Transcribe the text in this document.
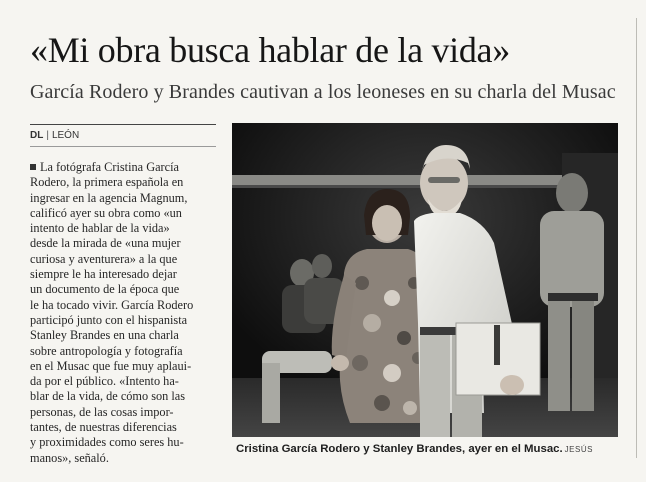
«Mi obra busca hablar de la vida»
García Rodero y Brandes cautivan a los leoneses en su charla del Musac
DL | LEÓN
La fotógrafa Cristina García
Rodero, la primera española en
ingresar en la agencia Magnum,
calificó ayer su obra como «un
intento de hablar de la vida»
desde la mirada de «una mujer
curiosa y aventurera» a la que
siempre le ha interesado dejar
un documento de la época que
le ha tocado vivir. García Rodero
participó junto con el hispanista
Stanley Brandes en una charla
sobre antropología y fotografía
en el Musac que fue muy aplaui-
da por el público. «Intento ha-
blar de la vida, de cómo son las
personas, de las cosas impor-
tantes, de nuestras diferencias
y proximidades como seres hu-
manos», señaló.
Cristina García Rodero y Stanley Brandes, ayer en el Musac. JESÚS
